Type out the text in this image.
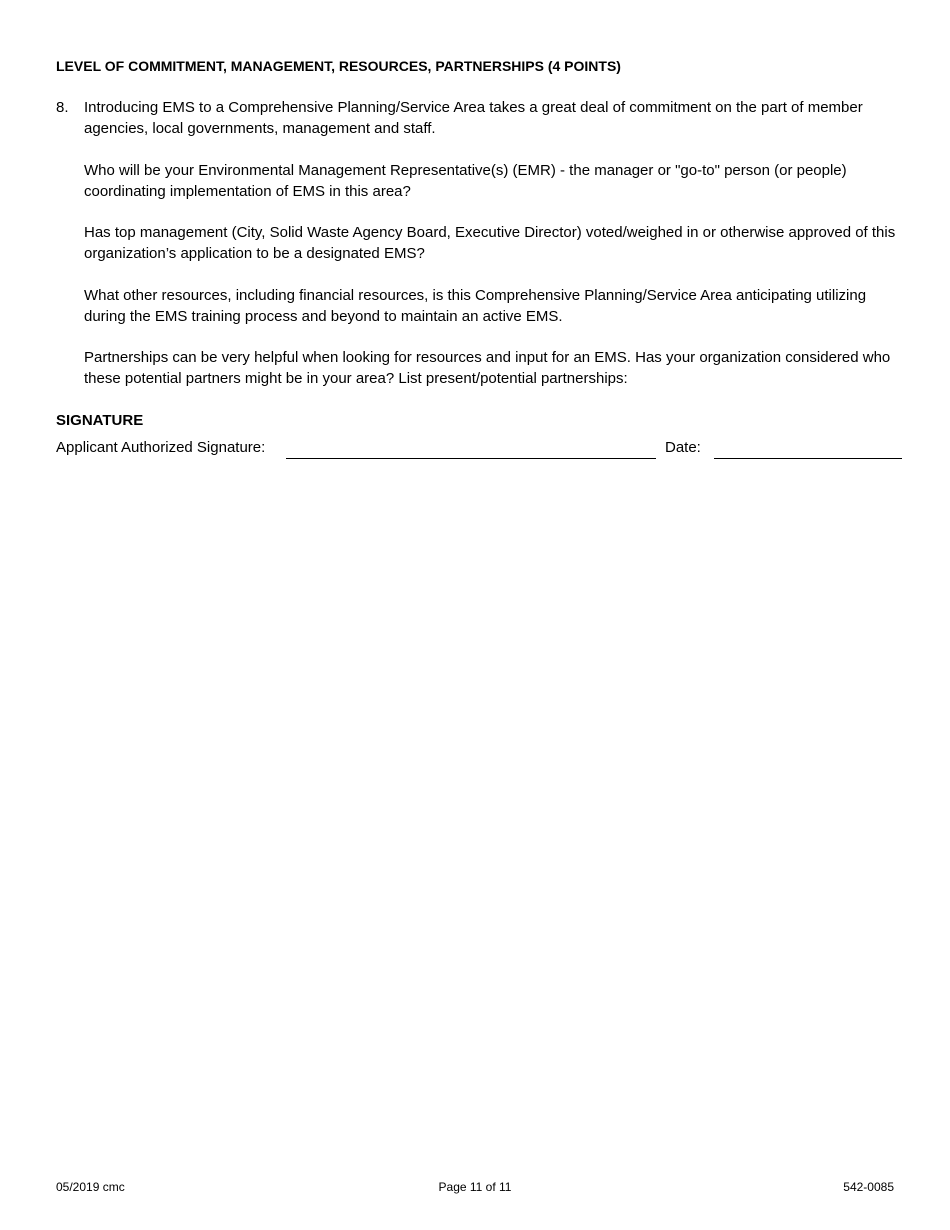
LEVEL OF COMMITMENT, MANAGEMENT, RESOURCES, PARTNERSHIPS (4 POINTS)
8. Introducing EMS to a Comprehensive Planning/Service Area takes a great deal of commitment on the part of member agencies, local governments, management and staff.
Who will be your Environmental Management Representative(s) (EMR) - the manager or "go-to" person (or people) coordinating implementation of EMS in this area?
Has top management (City, Solid Waste Agency Board, Executive Director) voted/weighed in or otherwise approved of this organization’s application to be a designated EMS?
What other resources, including financial resources, is this Comprehensive Planning/Service Area anticipating utilizing during the EMS training process and beyond to maintain an active EMS.
Partnerships can be very helpful when looking for resources and input for an EMS. Has your organization considered who these potential partners might be in your area? List present/potential partnerships:
SIGNATURE
Applicant Authorized Signature:	Date:
05/2019 cmc	Page 11 of 11	542-0085
